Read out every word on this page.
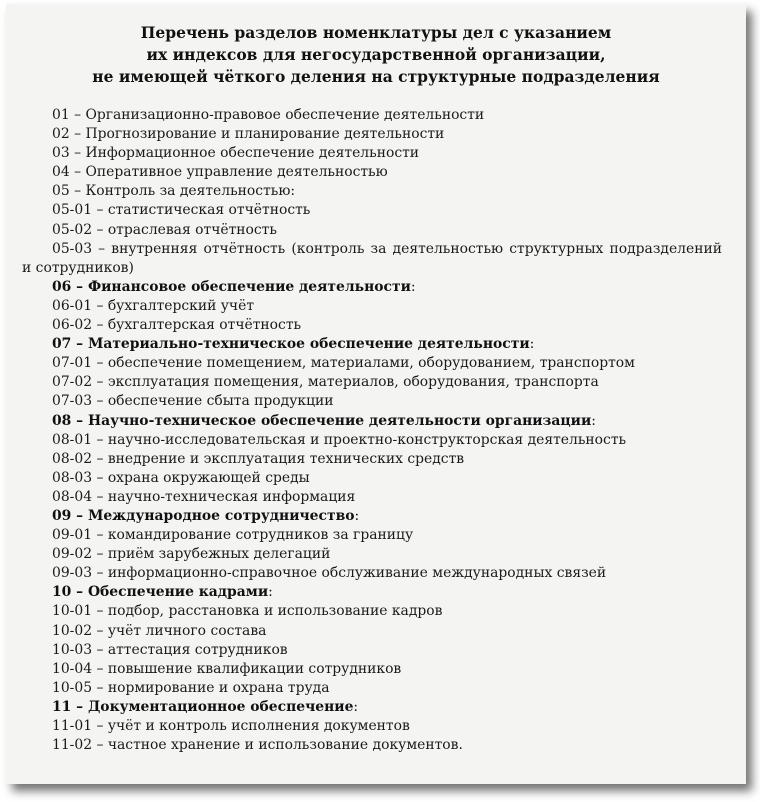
Перечень разделов номенклатуры дел с указанием
их индексов для негосударственной организации,
не имеющей чёткого деления на структурные подразделения
01 – Организационно-правовое обеспечение деятельности
02 – Прогнозирование и планирование деятельности
03 – Информационное обеспечение деятельности
04 – Оперативное управление деятельностью
05 – Контроль за деятельностью:
05-01 – статистическая отчётность
05-02 – отраслевая отчётность
05-03 – внутренняя отчётность (контроль за деятельностью структурных подразделений
и сотрудников)
06 – Финансовое обеспечение деятельности:
06-01 – бухгалтерский учёт
06-02 – бухгалтерская отчётность
07 – Материально-техническое обеспечение деятельности:
07-01 – обеспечение помещением, материалами, оборудованием, транспортом
07-02 – эксплуатация помещения, материалов, оборудования, транспорта
07-03 – обеспечение сбыта продукции
08 – Научно-техническое обеспечение деятельности организации:
08-01 – научно-исследовательская и проектно-конструкторская деятельность
08-02 – внедрение и эксплуатация технических средств
08-03 – охрана окружающей среды
08-04 – научно-техническая информация
09 – Международное сотрудничество:
09-01 – командирование сотрудников за границу
09-02 – приём зарубежных делегаций
09-03 – информационно-справочное обслуживание международных связей
10 – Обеспечение кадрами:
10-01 – подбор, расстановка и использование кадров
10-02 – учёт личного состава
10-03 – аттестация сотрудников
10-04 – повышение квалификации сотрудников
10-05 – нормирование и охрана труда
11 – Документационное обеспечение:
11-01 – учёт и контроль исполнения документов
11-02 – частное хранение и использование документов.
